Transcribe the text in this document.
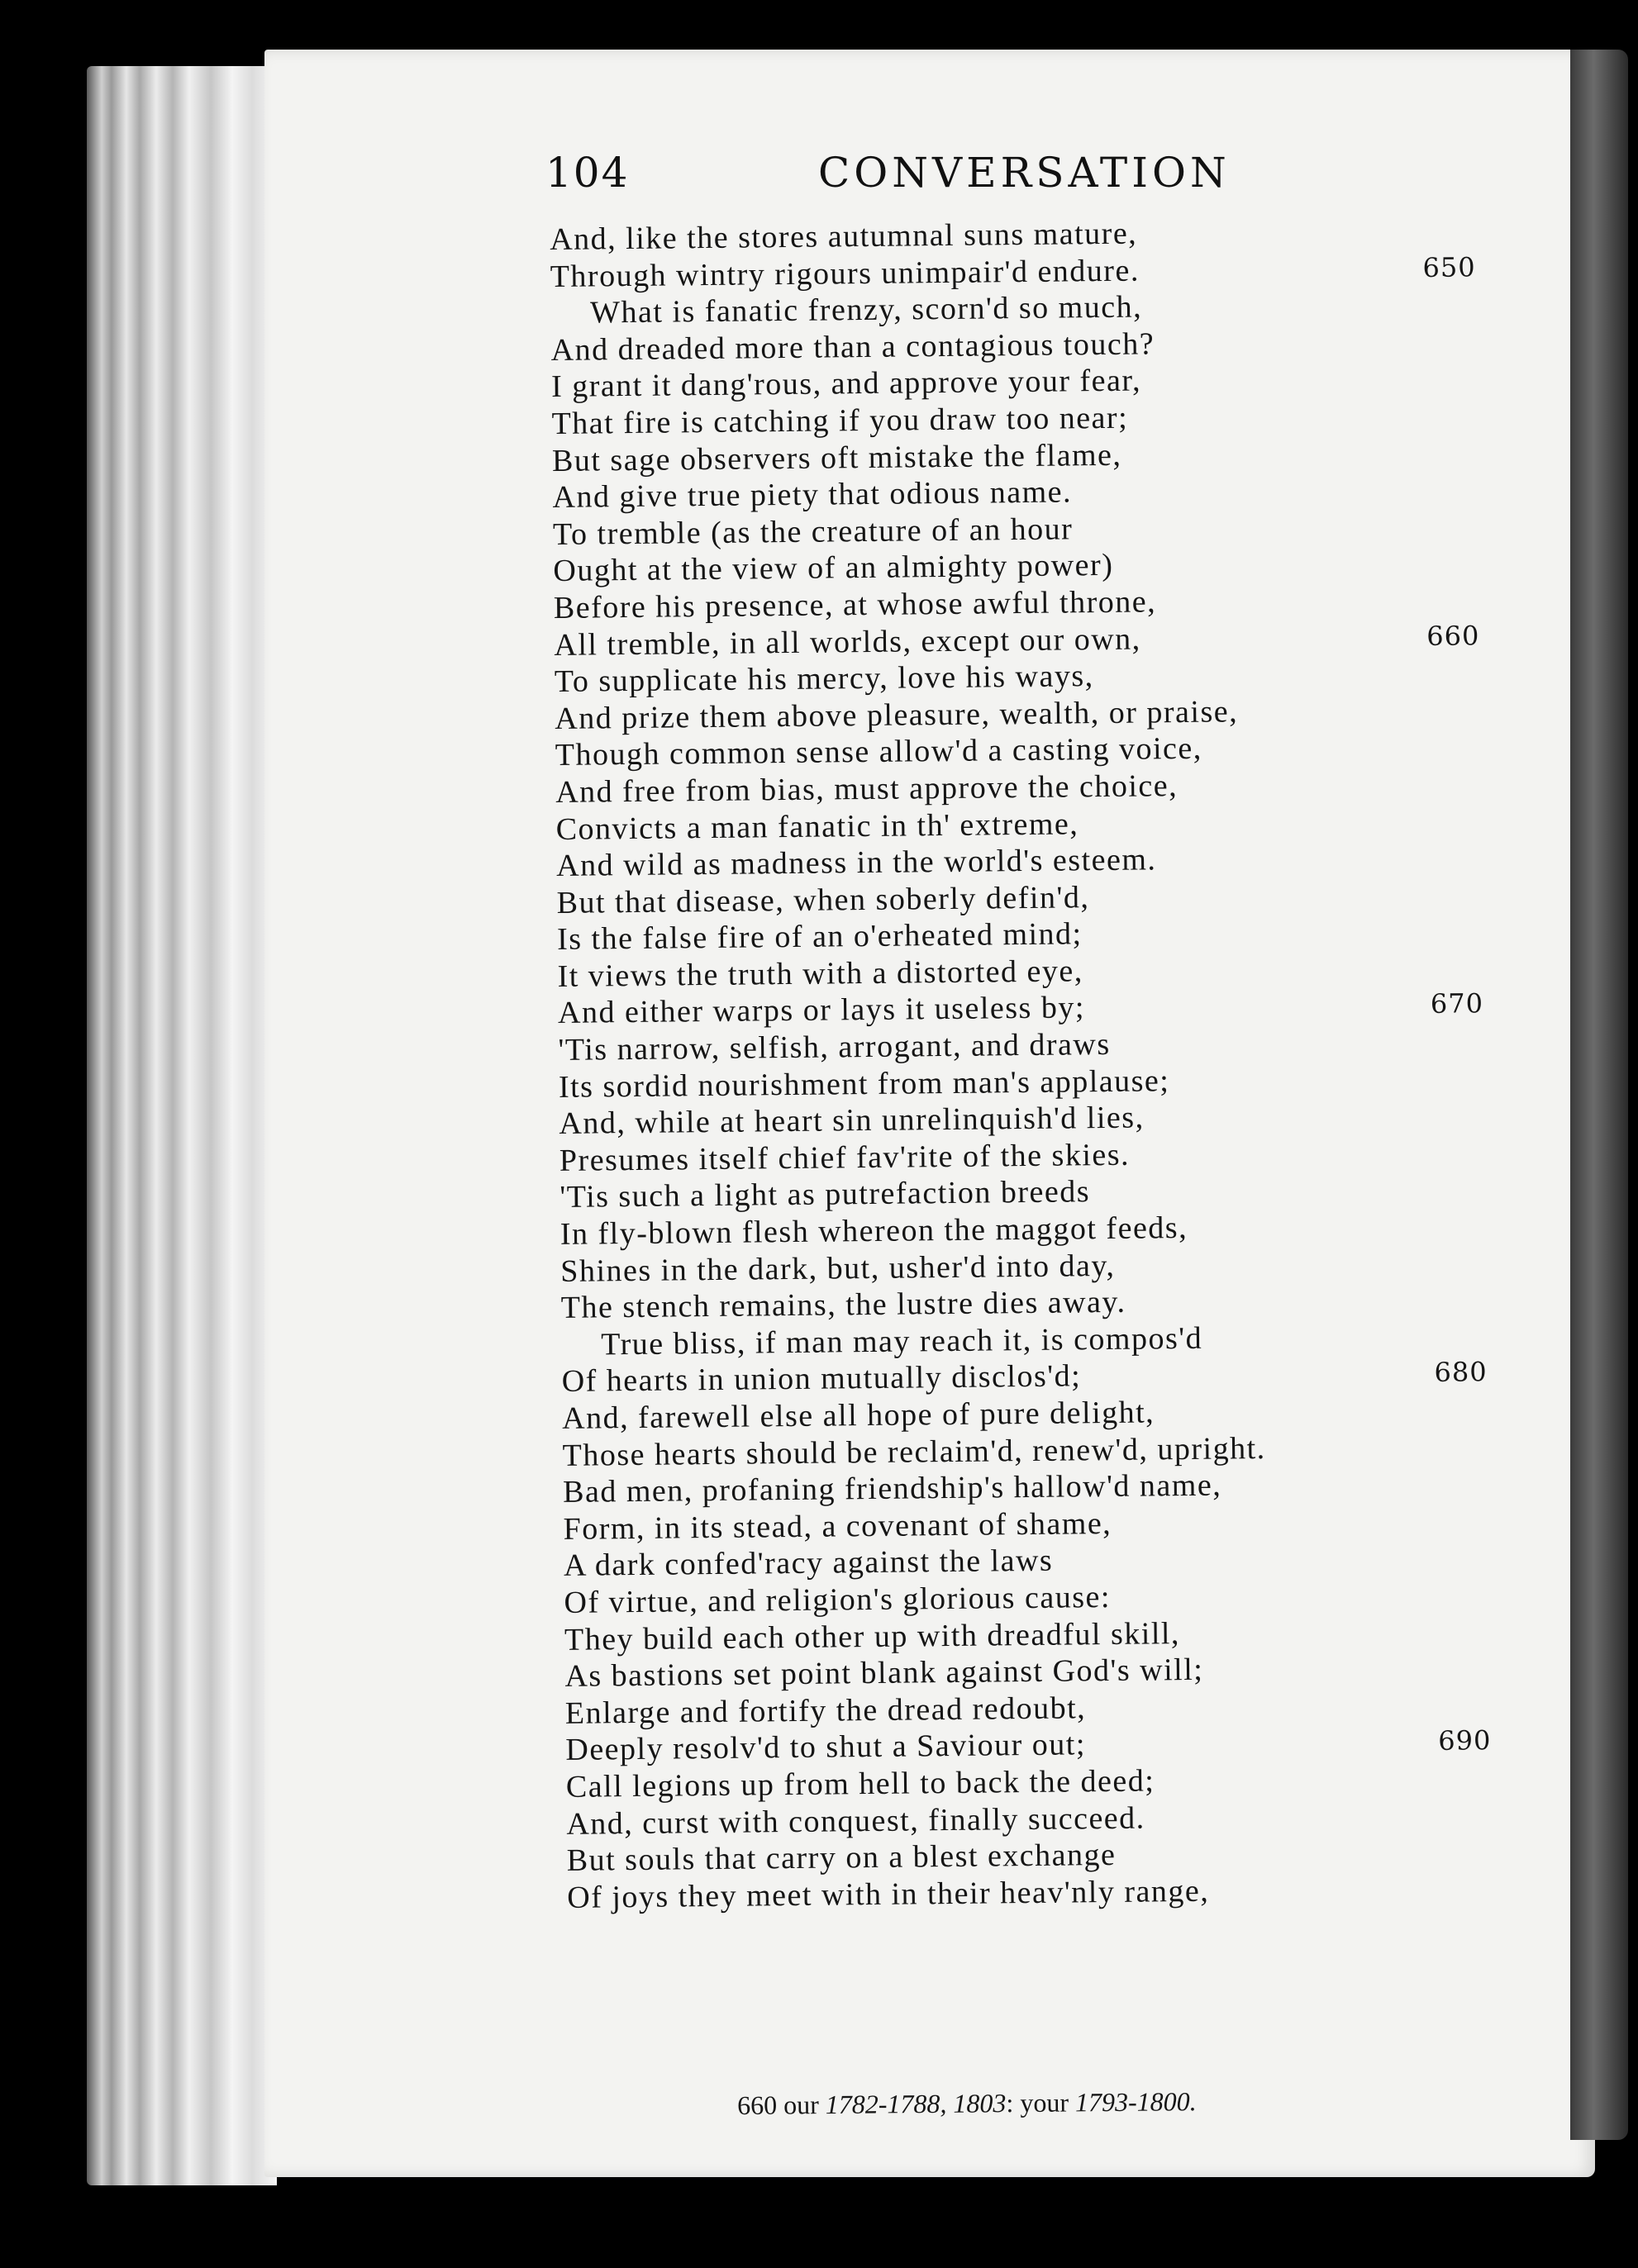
104	CONVERSATION
And, like the stores autumnal suns mature,
Through wintry rigours unimpair'd endure.	650
What is fanatic frenzy, scorn'd so much,
And dreaded more than a contagious touch?
I grant it dang'rous, and approve your fear,
That fire is catching if you draw too near;
But sage observers oft mistake the flame,
And give true piety that odious name.
To tremble (as the creature of an hour
Ought at the view of an almighty power)
Before his presence, at whose awful throne,
All tremble, in all worlds, except our own,	660
To supplicate his mercy, love his ways,
And prize them above pleasure, wealth, or praise,
Though common sense allow'd a casting voice,
And free from bias, must approve the choice,
Convicts a man fanatic in th' extreme,
And wild as madness in the world's esteem.
But that disease, when soberly defin'd,
Is the false fire of an o'erheated mind;
It views the truth with a distorted eye,
And either warps or lays it useless by;	670
'Tis narrow, selfish, arrogant, and draws
Its sordid nourishment from man's applause;
And, while at heart sin unrelinquish'd lies,
Presumes itself chief fav'rite of the skies.
'Tis such a light as putrefaction breeds
In fly-blown flesh whereon the maggot feeds,
Shines in the dark, but, usher'd into day,
The stench remains, the lustre dies away.
True bliss, if man may reach it, is compos'd
Of hearts in union mutually disclos'd;	680
And, farewell else all hope of pure delight,
Those hearts should be reclaim'd, renew'd, upright.
Bad men, profaning friendship's hallow'd name,
Form, in its stead, a covenant of shame,
A dark confed'racy against the laws
Of virtue, and religion's glorious cause:
They build each other up with dreadful skill,
As bastions set point blank against God's will;
Enlarge and fortify the dread redoubt,
Deeply resolv'd to shut a Saviour out;	690
Call legions up from hell to back the deed;
And, curst with conquest, finally succeed.
But souls that carry on a blest exchange
Of joys they meet with in their heav'nly range,
660 our 1782-1788, 1803: your 1793-1800.
